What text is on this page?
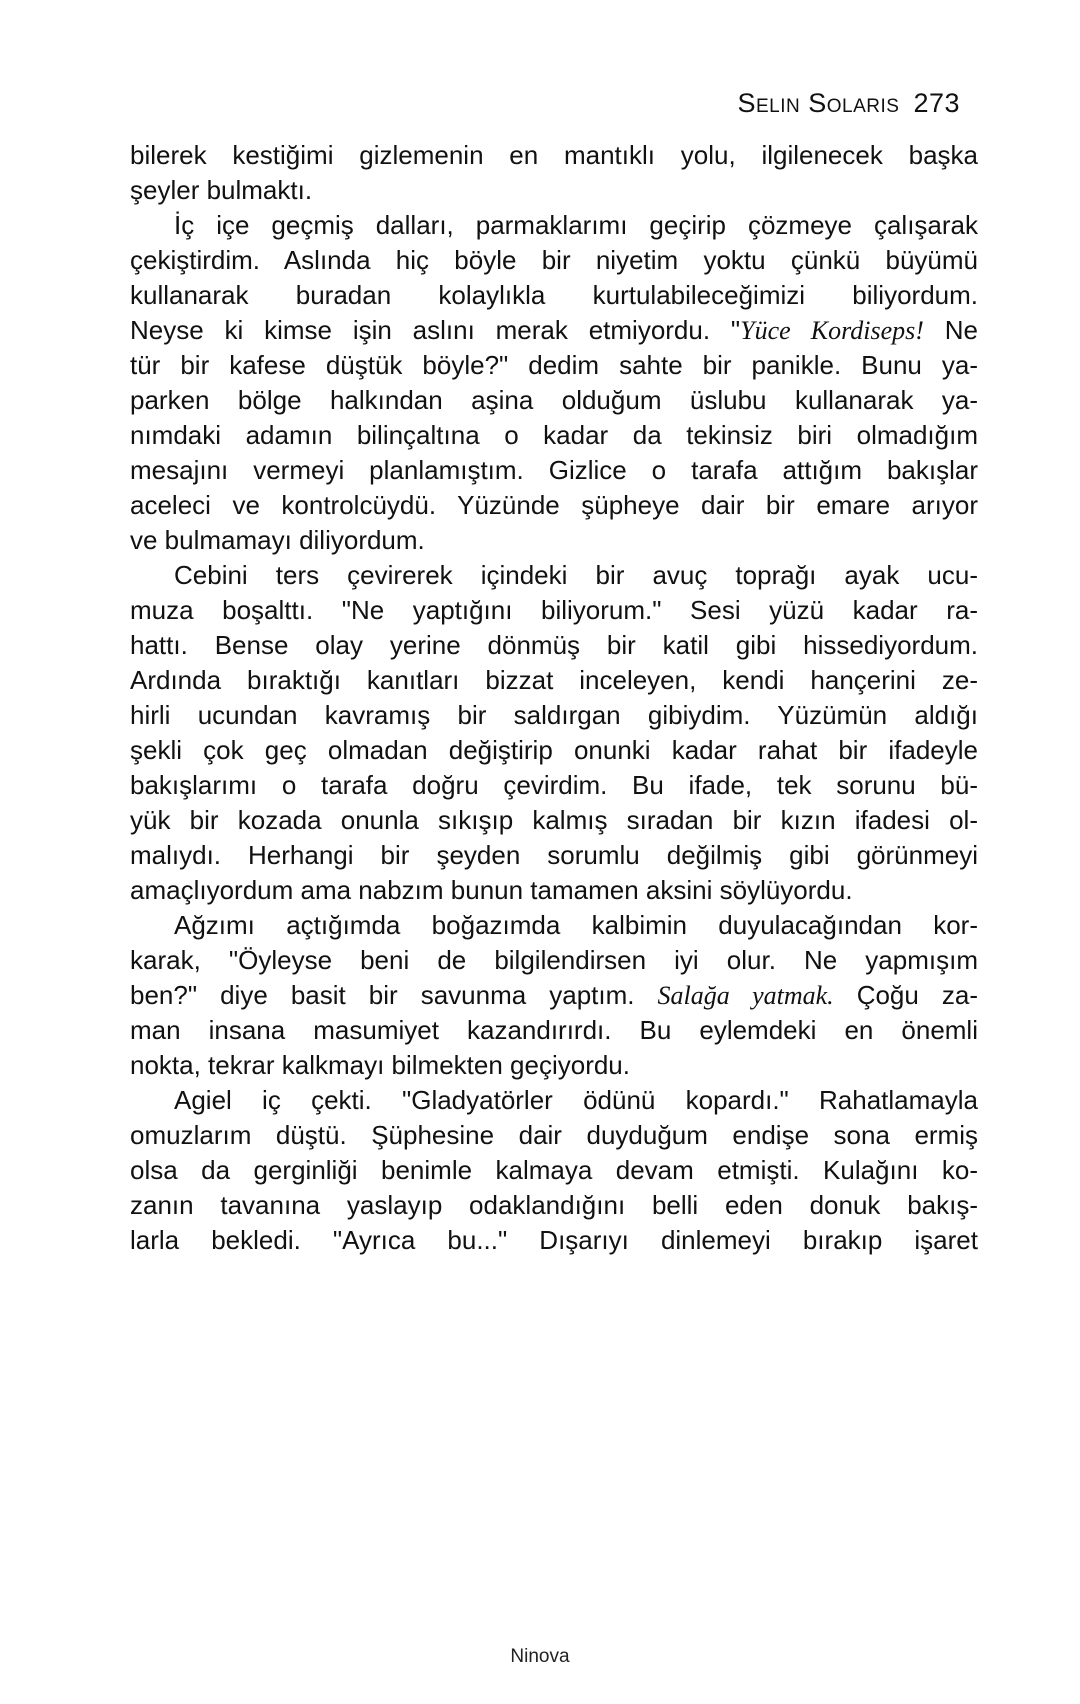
Selin Solaris 273
bilerek kestiğimi gizlemenin en mantıklı yolu, ilgilenecek başka
şeyler bulmaktı.
İç içe geçmiş dalları, parmaklarımı geçirip çözmeye çalışarak
çekiştirdim. Aslında hiç böyle bir niyetim yoktu çünkü büyümü
kullanarak buradan kolaylıkla kurtulabileceğimizi biliyordum.
Neyse ki kimse işin aslını merak etmiyordu. "Yüce Kordiseps! Ne
tür bir kafese düştük böyle?" dedim sahte bir panikle. Bunu ya-
parken bölge halkından aşina olduğum üslubu kullanarak ya-
nımdaki adamın bilinçaltına o kadar da tekinsiz biri olmadığım
mesajını vermeyi planlamıştım. Gizlice o tarafa attığım bakışlar
aceleci ve kontrolcüydü. Yüzünde şüpheye dair bir emare arıyor
ve bulmamayı diliyordum.
Cebini ters çevirerek içindeki bir avuç toprağı ayak ucu-
muza boşalttı. "Ne yaptığını biliyorum." Sesi yüzü kadar ra-
hattı. Bense olay yerine dönmüş bir katil gibi hissediyordum.
Ardında bıraktığı kanıtları bizzat inceleyen, kendi hançerini ze-
hirli ucundan kavramış bir saldırgan gibiydim. Yüzümün aldığı
şekli çok geç olmadan değiştirip onunki kadar rahat bir ifadeyle
bakışlarımı o tarafa doğru çevirdim. Bu ifade, tek sorunu bü-
yük bir kozada onunla sıkışıp kalmış sıradan bir kızın ifadesi ol-
malıydı. Herhangi bir şeyden sorumlu değilmiş gibi görünmeyi
amaçlıyordum ama nabzım bunun tamamen aksini söylüyordu.
Ağzımı açtığımda boğazımda kalbimin duyulacağından kor-
karak, "Öyleyse beni de bilgilendirsen iyi olur. Ne yapmışım
ben?" diye basit bir savunma yaptım. Salağa yatmak. Çoğu za-
man insana masumiyet kazandırırdı. Bu eylemdeki en önemli
nokta, tekrar kalkmayı bilmekten geçiyordu.
Agiel iç çekti. "Gladyatörler ödünü kopardı." Rahatlamayla
omuzlarım düştü. Şüphesine dair duyduğum endişe sona ermiş
olsa da gerginliği benimle kalmaya devam etmişti. Kulağını ko-
zanın tavanına yaslayıp odaklandığını belli eden donuk bakış-
larla bekledi. "Ayrıca bu..." Dışarıyı dinlemeyi bırakıp işaret
Ninova
